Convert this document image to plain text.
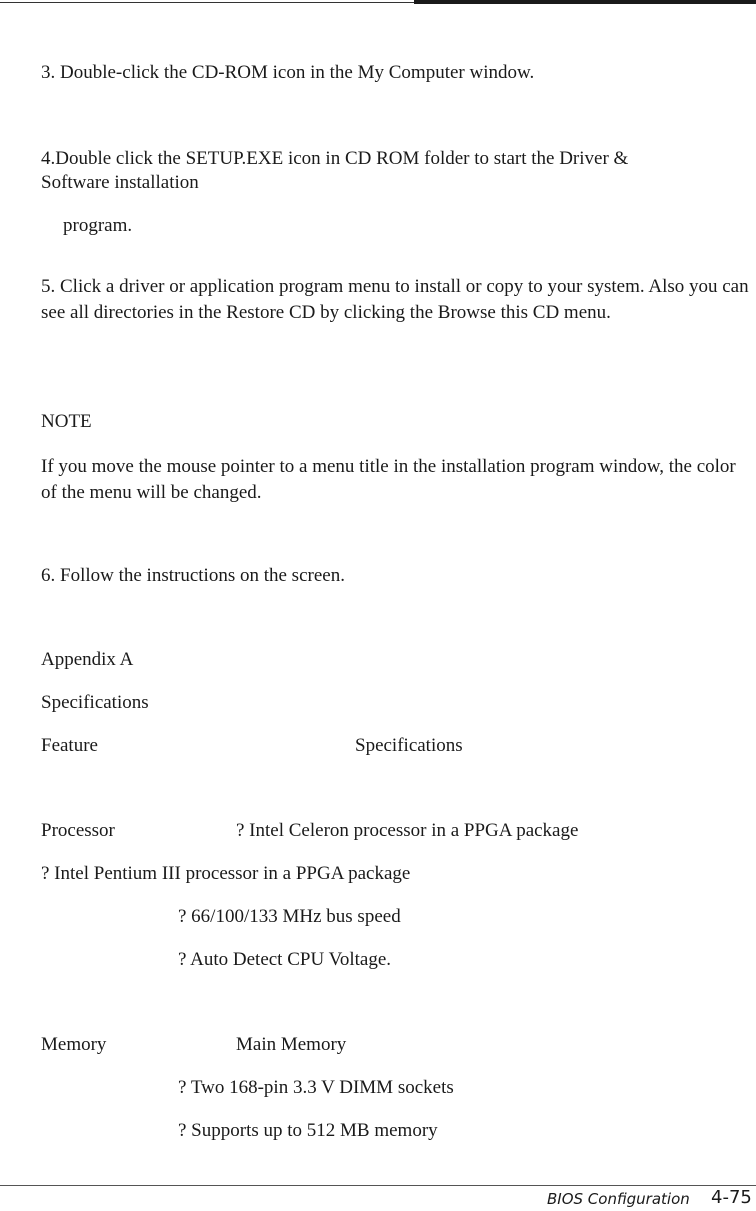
3. Double-click the CD-ROM icon in the My Computer window.

4.Double click the SETUP.EXE icon in CD ROM folder to start the Driver &

Software installation

program.

5. Click a driver or application program menu to install or copy to your system. Also you can see all directories in the Restore CD by clicking the Browse this CD menu.

NOTE

If you move the mouse pointer to a menu title in the installation program window, the color of the menu will be changed.

6. Follow the instructions on the screen.

Appendix A

Specifications

Feature	Specifications

Processor	? Intel Celeron processor in a PPGA package

? Intel Pentium III processor in a PPGA package

? 66/100/133 MHz bus speed

? Auto Detect CPU Voltage.

Memory	Main Memory

? Two 168-pin 3.3 V DIMM sockets

? Supports up to 512 MB memory

BIOS Configuration 4-75
